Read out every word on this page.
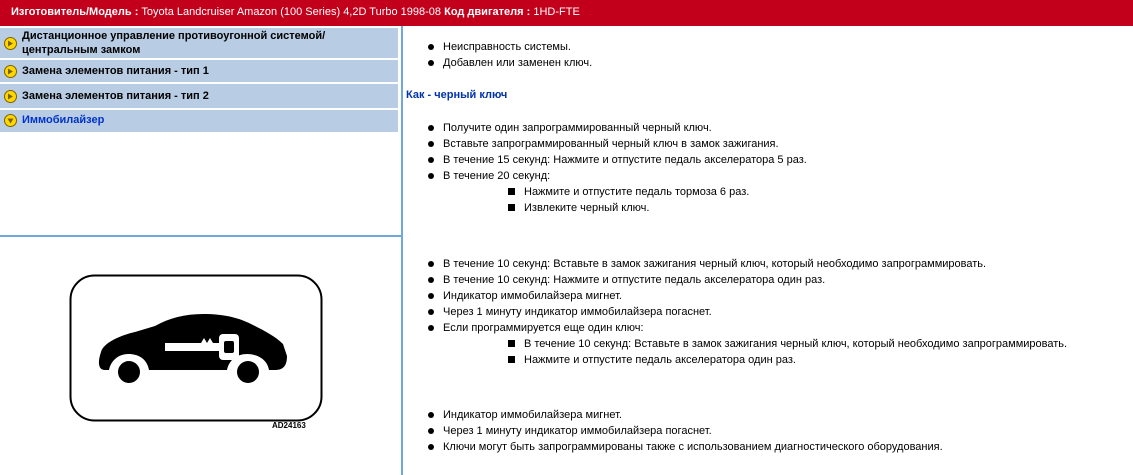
Изготовитель/Модель : Toyota Landcruiser Amazon (100 Series) 4,2D Turbo 1998-08 Код двигателя : 1HD-FTE
Дистанционное управление противоугонной системой/центральным замком
Замена элементов питания - тип 1
Замена элементов питания - тип 2
Иммобилайзер
AD24163
Неисправность системы.
Добавлен или заменен ключ.
Как - черный ключ
Получите один запрограммированный черный ключ.
Вставьте запрограммированный черный ключ в замок зажигания.
В течение 15 секунд: Нажмите и отпустите педаль акселератора 5 раз.
В течение 20 секунд:
Нажмите и отпустите педаль тормоза 6 раз.
Извлеките черный ключ.
В течение 10 секунд: Вставьте в замок зажигания черный ключ, который необходимо запрограммировать.
В течение 10 секунд: Нажмите и отпустите педаль акселератора один раз.
Индикатор иммобилайзера мигнет.
Через 1 минуту индикатор иммобилайзера погаснет.
Если программируется еще один ключ:
В течение 10 секунд: Вставьте в замок зажигания черный ключ, который необходимо запрограммировать.
Нажмите и отпустите педаль акселератора один раз.
Индикатор иммобилайзера мигнет.
Через 1 минуту индикатор иммобилайзера погаснет.
Ключи могут быть запрограммированы также с использованием диагностического оборудования.
